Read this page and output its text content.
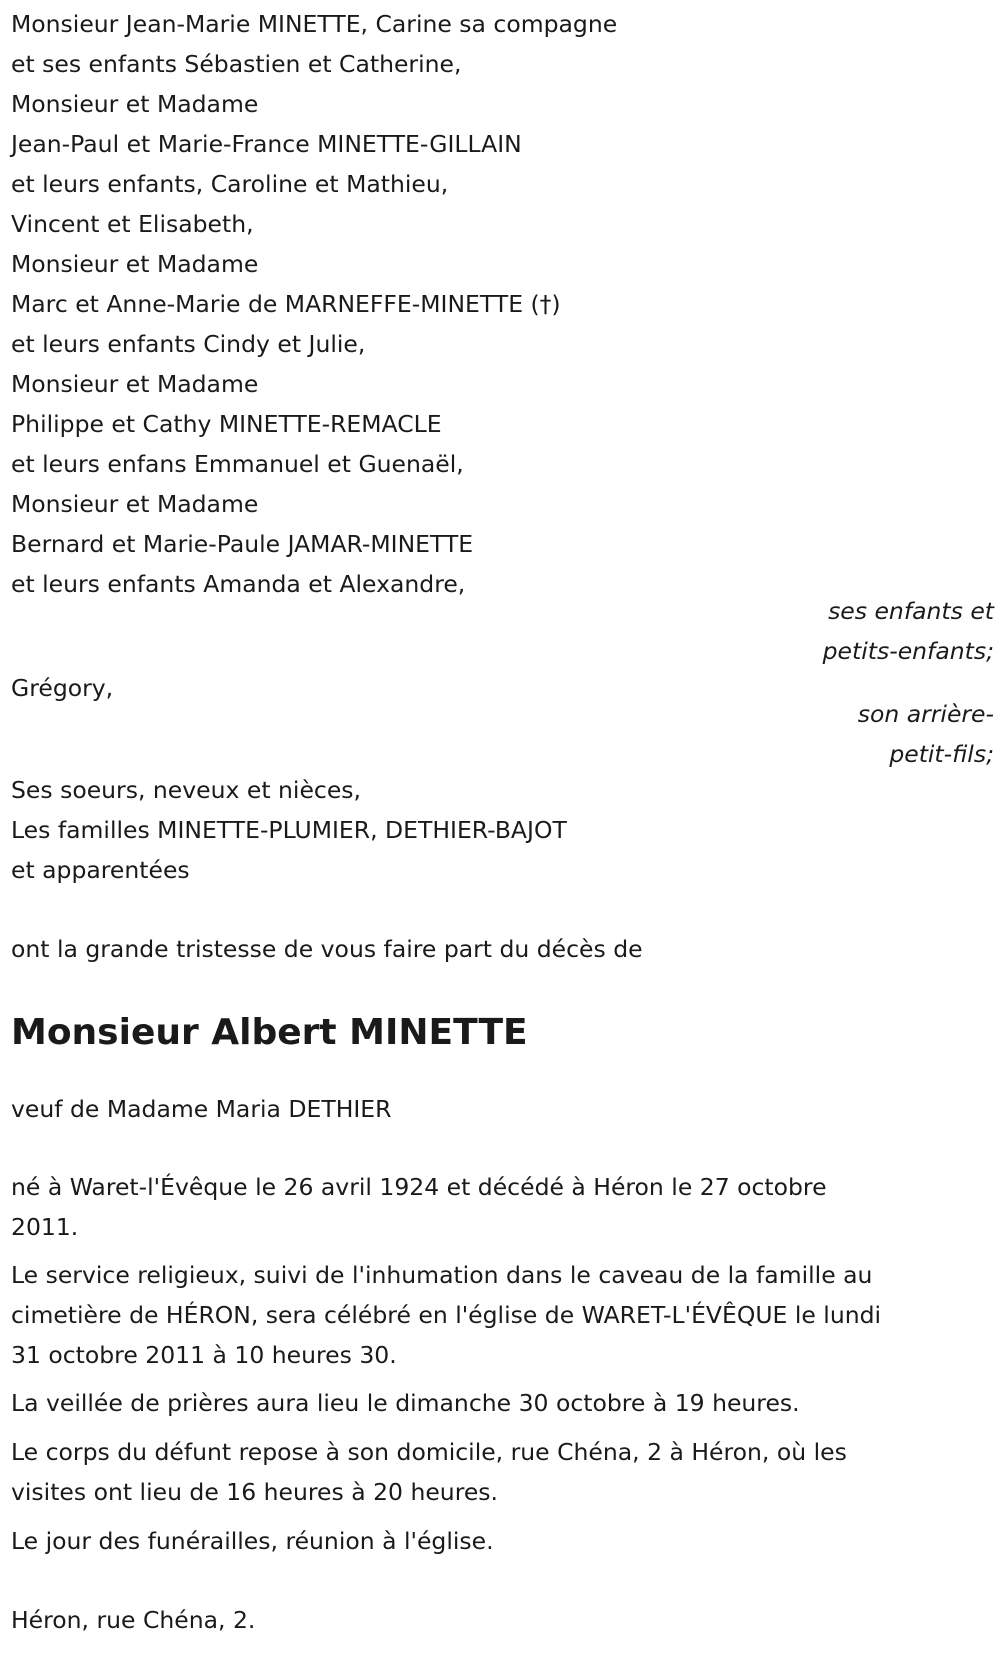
Monsieur Jean-Marie MINETTE, Carine sa compagne
et ses enfants Sébastien et Catherine,
Monsieur et Madame
Jean-Paul et Marie-France MINETTE-GILLAIN
et leurs enfants, Caroline et Mathieu,
Vincent et Elisabeth,
Monsieur et Madame
Marc et Anne-Marie de MARNEFFE-MINETTE (†)
et leurs enfants Cindy et Julie,
Monsieur et Madame
Philippe et Cathy MINETTE-REMACLE
et leurs enfans Emmanuel et Guenaël,
Monsieur et Madame
Bernard et Marie-Paule JAMAR-MINETTE
et leurs enfants Amanda et Alexandre,
ses enfants et
petits-enfants;
Grégory,
son arrière-
petit-fils;
Ses soeurs, neveux et nièces,
Les familles MINETTE-PLUMIER, DETHIER-BAJOT
et apparentées
ont la grande tristesse de vous faire part du décès de
Monsieur Albert MINETTE
veuf de Madame Maria DETHIER
né à Waret-l'Évêque le 26 avril 1924 et décédé à Héron le 27 octobre
2011.
Le service religieux, suivi de l'inhumation dans le caveau de la famille au
cimetière de HÉRON, sera célébré en l'église de WARET-L'ÉVÊQUE le lundi
31 octobre 2011 à 10 heures 30.
La veillée de prières aura lieu le dimanche 30 octobre à 19 heures.
Le corps du défunt repose à son domicile, rue Chéna, 2 à Héron, où les
visites ont lieu de 16 heures à 20 heures.
Le jour des funérailles, réunion à l'église.
Héron, rue Chéna, 2.
